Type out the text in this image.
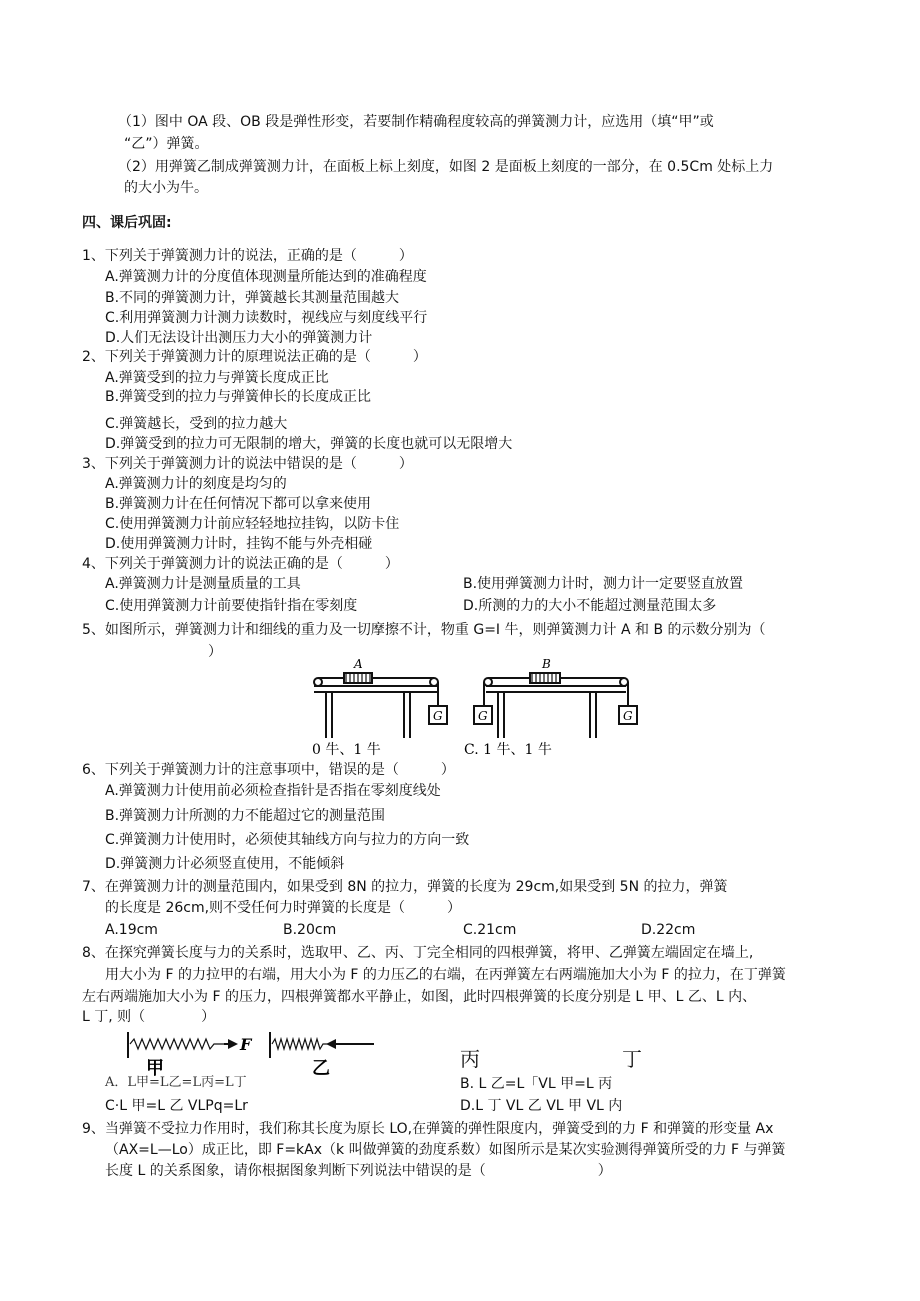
（1）图中 OA 段、OB 段是弹性形变，若要制作精确程度较高的弹簧测力计，应选用（填“甲”或
“乙”）弹簧。
（2）用弹簧乙制成弹簧测力计，在面板上标上刻度，如图 2 是面板上刻度的一部分，在 0.5Cm 处标上力
的大小为牛。
四、课后巩固:
1、下列关于弹簧测力计的说法，正确的是（　　　）
A.弹簧测力计的分度值体现测量所能达到的准确程度
B.不同的弹簧测力计，弹簧越长其测量范围越大
C.利用弹簧测力计测力读数时，视线应与刻度线平行
D.人们无法设计出测压力大小的弹簧测力计
2、下列关于弹簧测力计的原理说法正确的是（　　　）
A.弹簧受到的拉力与弹簧长度成正比
B.弹簧受到的拉力与弹簧伸长的长度成正比
C.弹簧越长，受到的拉力越大
D.弹簧受到的拉力可无限制的增大，弹簧的长度也就可以无限增大
3、下列关于弹簧测力计的说法中错误的是（　　　）
A.弹簧测力计的刻度是均匀的
B.弹簧测力计在任何情况下都可以拿来使用
C.使用弹簧测力计前应轻轻地拉挂钩，以防卡住
D.使用弹簧测力计时，挂钩不能与外壳相碰
4、下列关于弹簧测力计的说法正确的是（　　　）
A.弹簧测力计是测量质量的工具	B.使用弹簧测力计时，测力计一定要竖直放置
C.使用弹簧测力计前要使指针指在零刻度	D.所测的力的大小不能超过测量范围太多
5、如图所示，弹簧测力计和细线的重力及一切摩擦不计，物重 G=I 牛，则弹簧测力计 A 和 B 的示数分别为（
）
A
G
B
G	G
0 牛、1 牛	C. 1 牛、1 牛
6、下列关于弹簧测力计的注意事项中，错误的是（　　　）
A.弹簧测力计使用前必须检查指针是否指在零刻度线处
B.弹簧测力计所测的力不能超过它的测量范围
C.弹簧测力计使用时，必须使其轴线方向与拉力的方向一致
D.弹簧测力计必须竖直使用，不能倾斜
7、在弹簧测力计的测量范围内，如果受到 8N 的拉力，弹簧的长度为 29cm,如果受到 5N 的拉力，弹簧
的长度是 26cm,则不受任何力时弹簧的长度是（　　　）
A.19cm	B.20cm	C.21cm	D.22cm
8、在探究弹簧长度与力的关系时，选取甲、乙、丙、丁完全相同的四根弹簧，将甲、乙弹簧左端固定在墙上,
用大小为 F 的力拉甲的右端，用大小为 F 的力压乙的右端，在丙弹簧左右两端施加大小为 F 的拉力，在丁弹簧
左右两端施加大小为 F 的压力，四根弹簧都水平静止，如图，此时四根弹簧的长度分别是 L 甲、L 乙、L 内、
L 丁, 则（　　　　）
F
甲	乙	丙	丁
A．L甲=L乙=L丙=L丁	B. L 乙=L「VL 甲=L 丙
C·L 甲=L 乙 VLPq=Lr	D.L 丁 VL 乙 VL 甲 VL 内
9、当弹簧不受拉力作用时，我们称其长度为原长 LO,在弹簧的弹性限度内，弹簧受到的力 F 和弹簧的形变量 Ax
（AX=L—Lo）成正比，即 F=kAx（k 叫做弹簧的劲度系数）如图所示是某次实验测得弹簧所受的力 F 与弹簧
长度 L 的关系图象，请你根据图象判断下列说法中错误的是（　　　　　　　　）
